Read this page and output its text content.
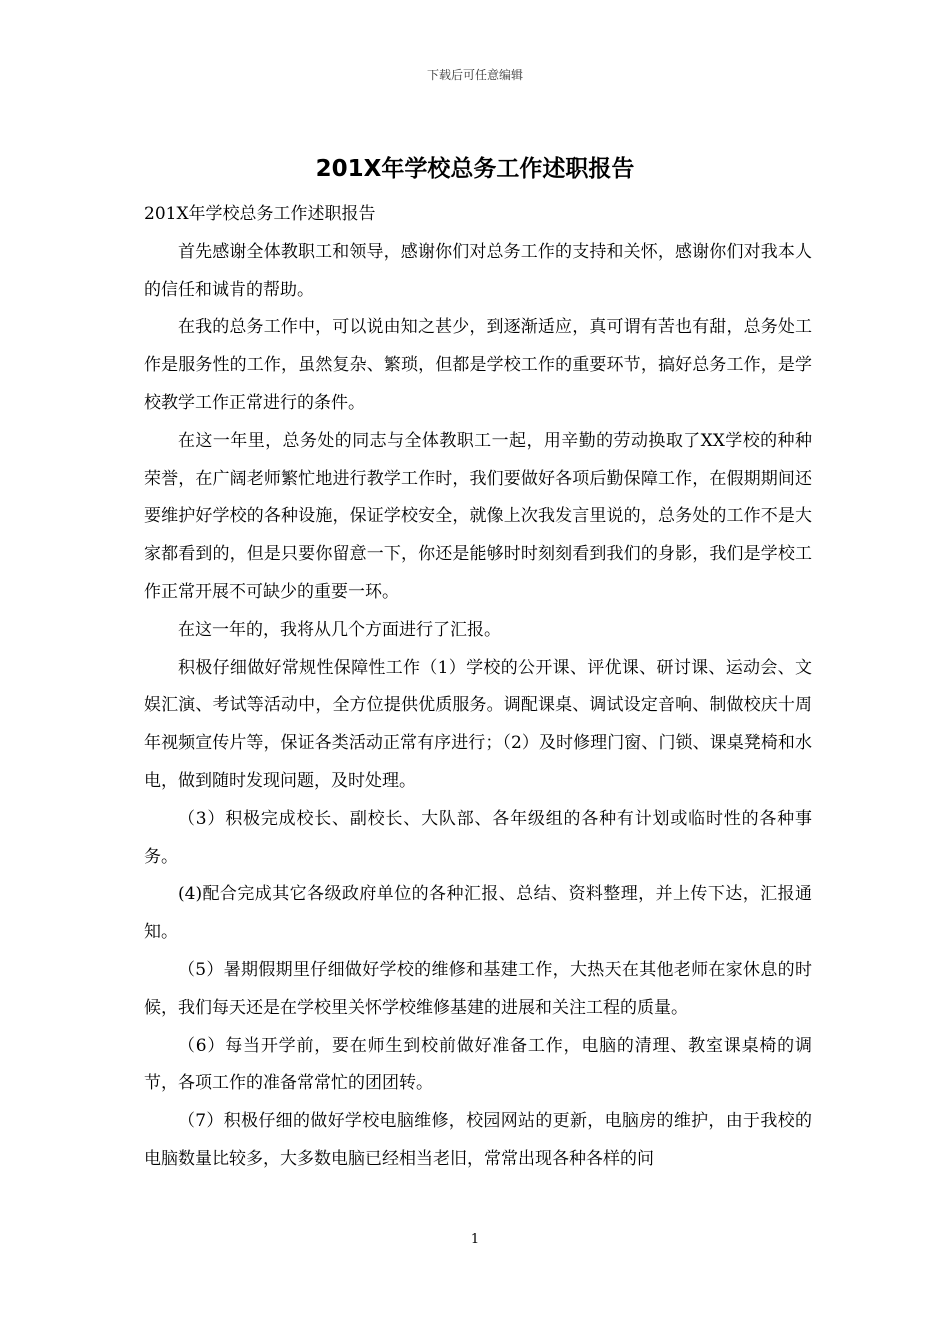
下载后可任意编辑
201X年学校总务工作述职报告

201X年学校总务工作述职报告

首先感谢全体教职工和领导，感谢你们对总务工作的支持和关怀，感谢你们对我本人的信任和诚肯的帮助。

在我的总务工作中，可以说由知之甚少，到逐渐适应，真可谓有苦也有甜，总务处工作是服务性的工作，虽然复杂、繁琐，但都是学校工作的重要环节，搞好总务工作，是学校教学工作正常进行的条件。

在这一年里，总务处的同志与全体教职工一起，用辛勤的劳动换取了XX学校的种种荣誉，在广阔老师繁忙地进行教学工作时，我们要做好各项后勤保障工作，在假期期间还要维护好学校的各种设施，保证学校安全，就像上次我发言里说的，总务处的工作不是大家都看到的，但是只要你留意一下，你还是能够时时刻刻看到我们的身影，我们是学校工作正常开展不可缺少的重要一环。

在这一年的，我将从几个方面进行了汇报。

积极仔细做好常规性保障性工作（1）学校的公开课、评优课、研讨课、运动会、文娱汇演、考试等活动中，全方位提供优质服务。调配课桌、调试设定音响、制做校庆十周年视频宣传片等，保证各类活动正常有序进行；（2）及时修理门窗、门锁、课桌凳椅和水电，做到随时发现问题，及时处理。

（3）积极完成校长、副校长、大队部、各年级组的各种有计划或临时性的各种事务。

(4)配合完成其它各级政府单位的各种汇报、总结、资料整理，并上传下达，汇报通知。

（5）暑期假期里仔细做好学校的维修和基建工作，大热天在其他老师在家休息的时候，我们每天还是在学校里关怀学校维修基建的进展和关注工程的质量。

（6）每当开学前，要在师生到校前做好准备工作，电脑的清理、教室课桌椅的调节，各项工作的准备常常忙的团团转。

（7）积极仔细的做好学校电脑维修，校园网站的更新，电脑房的维护，由于我校的电脑数量比较多，大多数电脑已经相当老旧，常常出现各种各样的问

1
